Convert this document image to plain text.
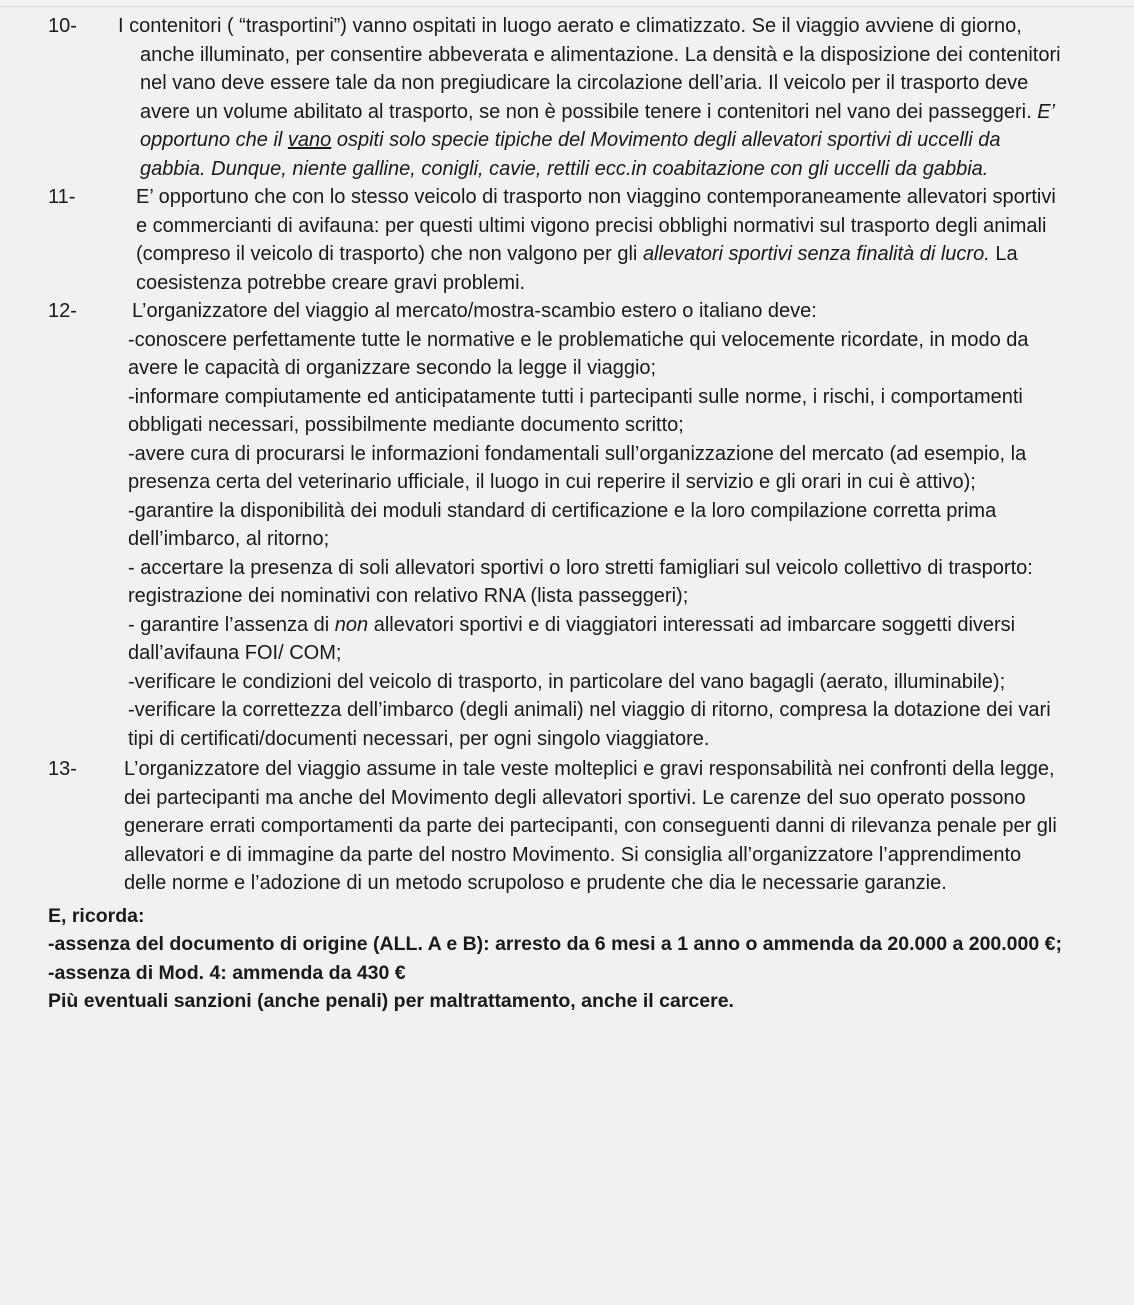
10- I contenitori ( “trasportini”) vanno ospitati in luogo aerato e climatizzato. Se il viaggio avviene di giorno, anche illuminato, per consentire abbeverata e alimentazione. La densità e la disposizione dei contenitori nel vano deve essere tale da non pregiudicare la circolazione dell’aria. Il veicolo per il trasporto deve avere un volume abilitato al trasporto, se non è possibile tenere i contenitori nel vano dei passeggeri. E’ opportuno che il vano ospiti solo specie tipiche del Movimento degli allevatori sportivi di uccelli da gabbia. Dunque, niente galline, conigli, cavie, rettili ecc.in coabitazione con gli uccelli da gabbia.

11-	E’ opportuno che con lo stesso veicolo di trasporto non viaggino contemporaneamente allevatori sportivi e commercianti di avifauna: per questi ultimi vigono precisi obblighi normativi sul trasporto degli animali (compreso il veicolo di trasporto) che non valgono per gli allevatori sportivi senza finalità di lucro. La coesistenza potrebbe creare gravi problemi.

12-	L’organizzatore del viaggio al mercato/mostra-scambio estero o italiano deve:

-conoscere perfettamente tutte le normative e le problematiche qui velocemente ricordate, in modo da avere le capacità di organizzare secondo la legge il viaggio;

-informare compiutamente ed anticipatamente tutti i partecipanti sulle norme, i rischi, i comportamenti obbligati necessari, possibilmente mediante documento scritto;

-avere cura di procurarsi le informazioni fondamentali sull’organizzazione del mercato (ad esempio, la presenza certa del veterinario ufficiale, il luogo in cui reperire il servizio e gli orari in cui è attivo);

-garantire la disponibilità dei moduli standard di certificazione e la loro compilazione corretta prima dell’imbarco, al ritorno;

- accertare la presenza di soli allevatori sportivi o loro stretti famigliari sul veicolo collettivo di trasporto: registrazione dei nominativi con relativo RNA (lista passeggeri);

- garantire l’assenza di non allevatori sportivi e di viaggiatori interessati ad imbarcare soggetti diversi dall’avifauna FOI/ COM;

-verificare le condizioni del veicolo di trasporto, in particolare del vano bagagli (aerato, illuminabile);

-verificare la correttezza dell’imbarco (degli animali) nel viaggio di ritorno, compresa la dotazione dei vari tipi di certificati/documenti necessari, per ogni singolo viaggiatore.

13-	L’organizzatore del viaggio assume in tale veste molteplici e gravi responsabilità nei confronti della legge, dei partecipanti ma anche del Movimento degli allevatori sportivi. Le carenze del suo operato possono generare errati comportamenti da parte dei partecipanti, con conseguenti danni di rilevanza penale per gli allevatori e di immagine da parte del nostro Movimento. Si consiglia all’organizzatore l’apprendimento delle norme e l’adozione di un metodo scrupoloso e prudente che dia le necessarie garanzie.

E, ricorda:

-assenza del documento di origine (ALL. A e B): arresto da 6 mesi a 1 anno o ammenda da 20.000 a 200.000 €;

-assenza di Mod. 4: ammenda da 430 €

Più eventuali sanzioni (anche penali) per maltrattamento, anche il carcere.
